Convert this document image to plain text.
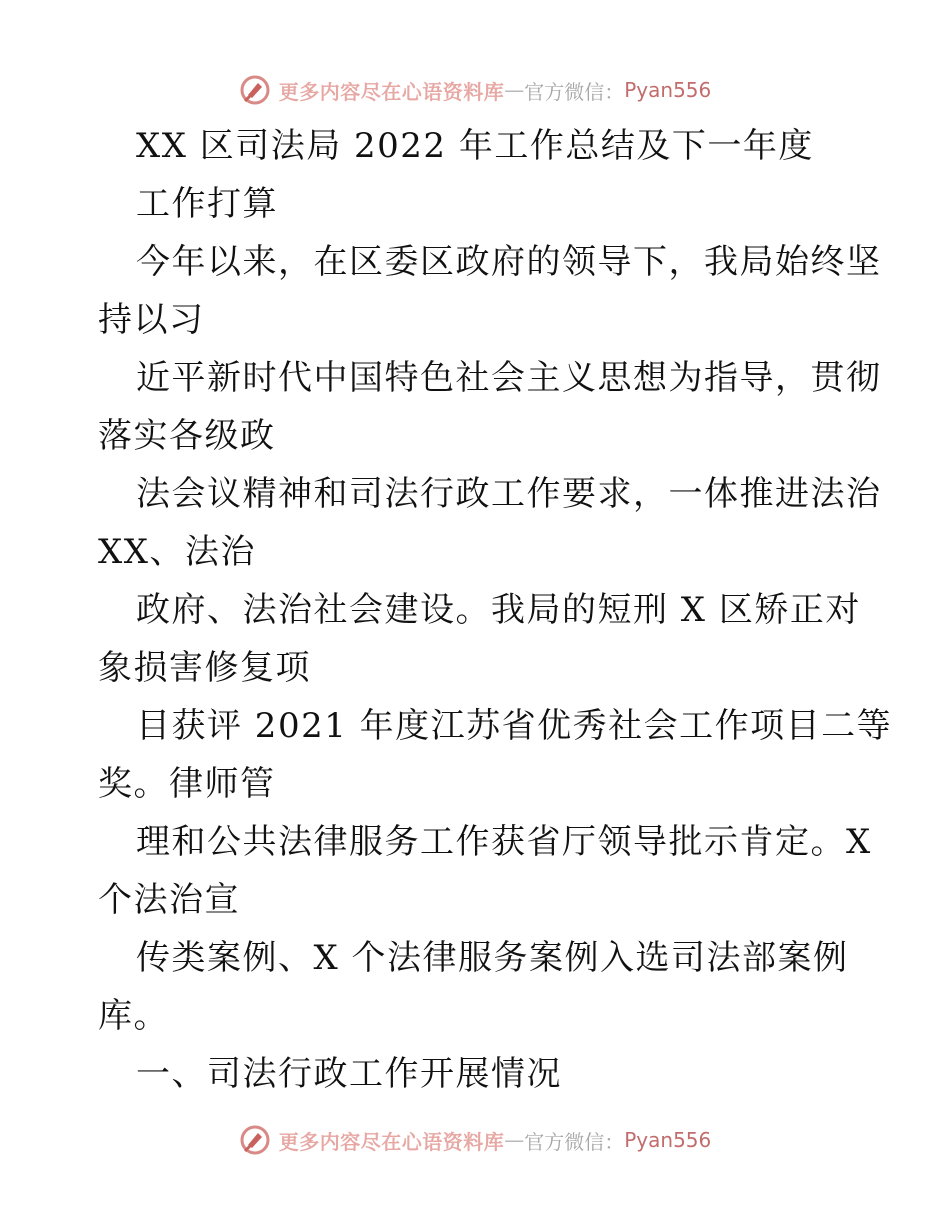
更多内容尽在心语资料库 — 官方微信： Pyan556
XX 区司法局 2022 年工作总结及下一年度
工作打算
今年以来，在区委区政府的领导下，我局始终坚
持以习
近平新时代中国特色社会主义思想为指导，贯彻
落实各级政
法会议精神和司法行政工作要求，一体推进法治
XX、法治
政府、法治社会建设。我局的短刑 X 区矫正对
象损害修复项
目获评 2021 年度江苏省优秀社会工作项目二等
奖。律师管
理和公共法律服务工作获省厅领导批示肯定。X
个法治宣
传类案例、X 个法律服务案例入选司法部案例
库。
一、司法行政工作开展情况
更多内容尽在心语资料库 — 官方微信： Pyan556
